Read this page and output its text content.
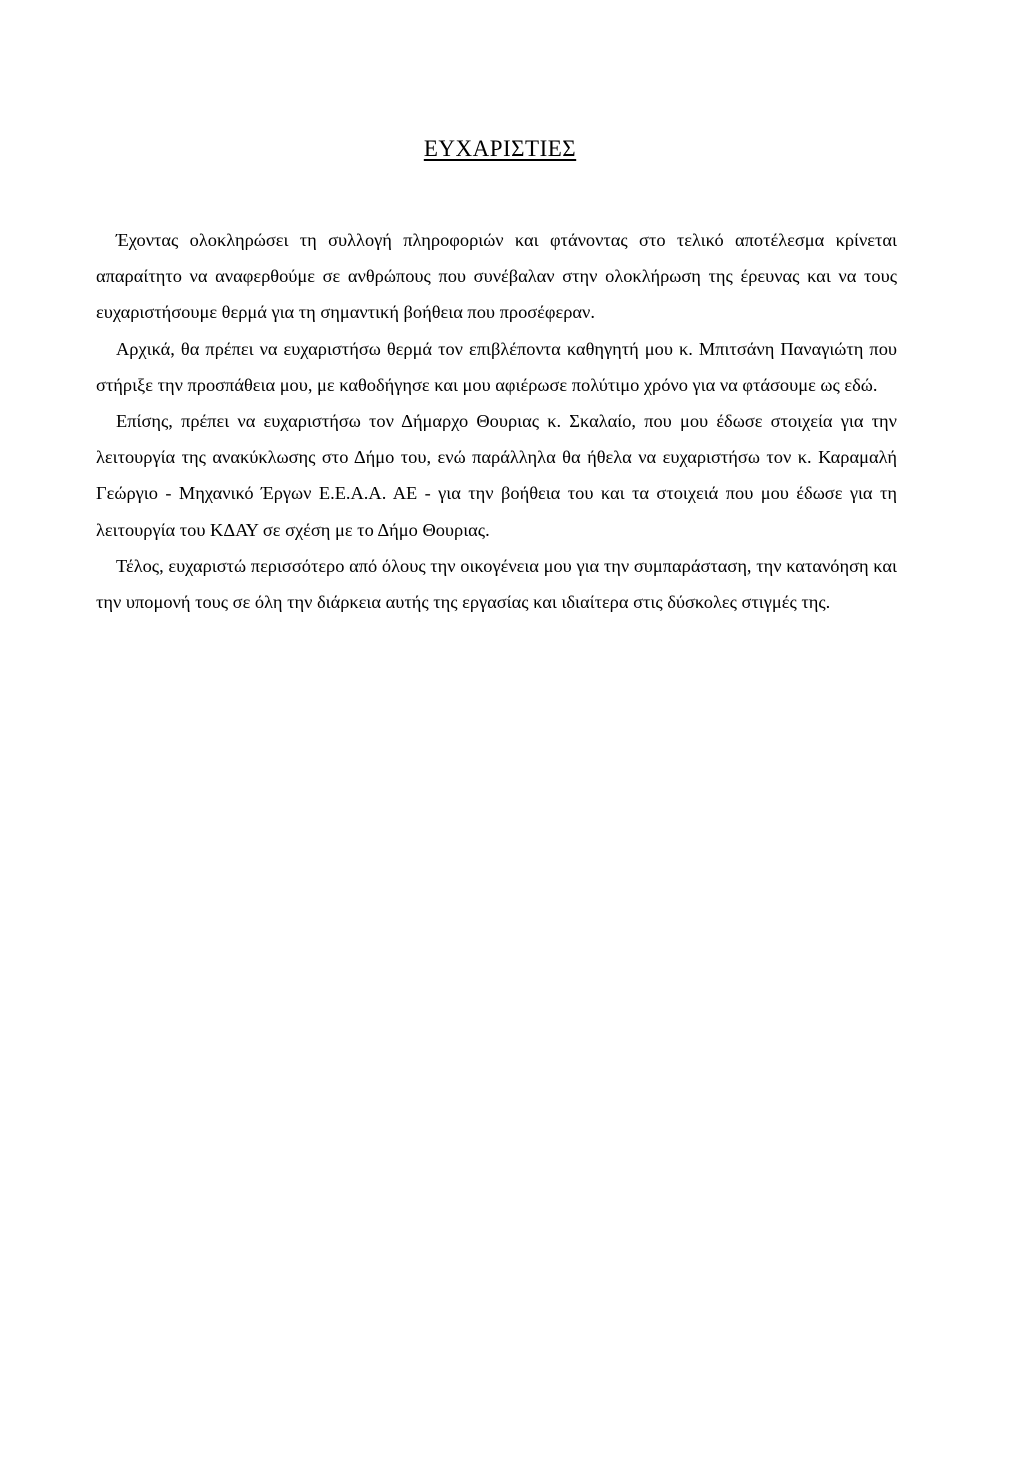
ΕΥΧΑΡΙΣΤΙΕΣ

Έχοντας ολοκληρώσει τη συλλογή πληροφοριών και φτάνοντας στο τελικό αποτέλεσμα κρίνεται απαραίτητο να αναφερθούμε σε ανθρώπους που συνέβαλαν στην ολοκλήρωση της έρευνας και να τους ευχαριστήσουμε θερμά για τη σημαντική βοήθεια που προσέφεραν.

Αρχικά, θα πρέπει να ευχαριστήσω θερμά τον επιβλέποντα καθηγητή μου κ. Μπιτσάνη Παναγιώτη που στήριξε την προσπάθεια μου, με καθοδήγησε και μου αφιέρωσε πολύτιμο χρόνο για να φτάσουμε ως εδώ.

Επίσης, πρέπει να ευχαριστήσω τον Δήμαρχο Θουριας κ. Σκαλαίο, που μου έδωσε στοιχεία για την λειτουργία της ανακύκλωσης στο Δήμο του, ενώ παράλληλα θα ήθελα να ευχαριστήσω τον κ. Καραμαλή Γεώργιο - Μηχανικό Έργων Ε.Ε.Α.Α. ΑΕ - για την βοήθεια του και τα στοιχειά που μου έδωσε για τη λειτουργία του ΚΔΑΥ σε σχέση με το Δήμο Θουριας.

Τέλος, ευχαριστώ περισσότερο από όλους την οικογένεια μου για την συμπαράσταση, την κατανόηση και την υπομονή τους σε όλη την διάρκεια αυτής της εργασίας και ιδιαίτερα στις δύσκολες στιγμές της.
